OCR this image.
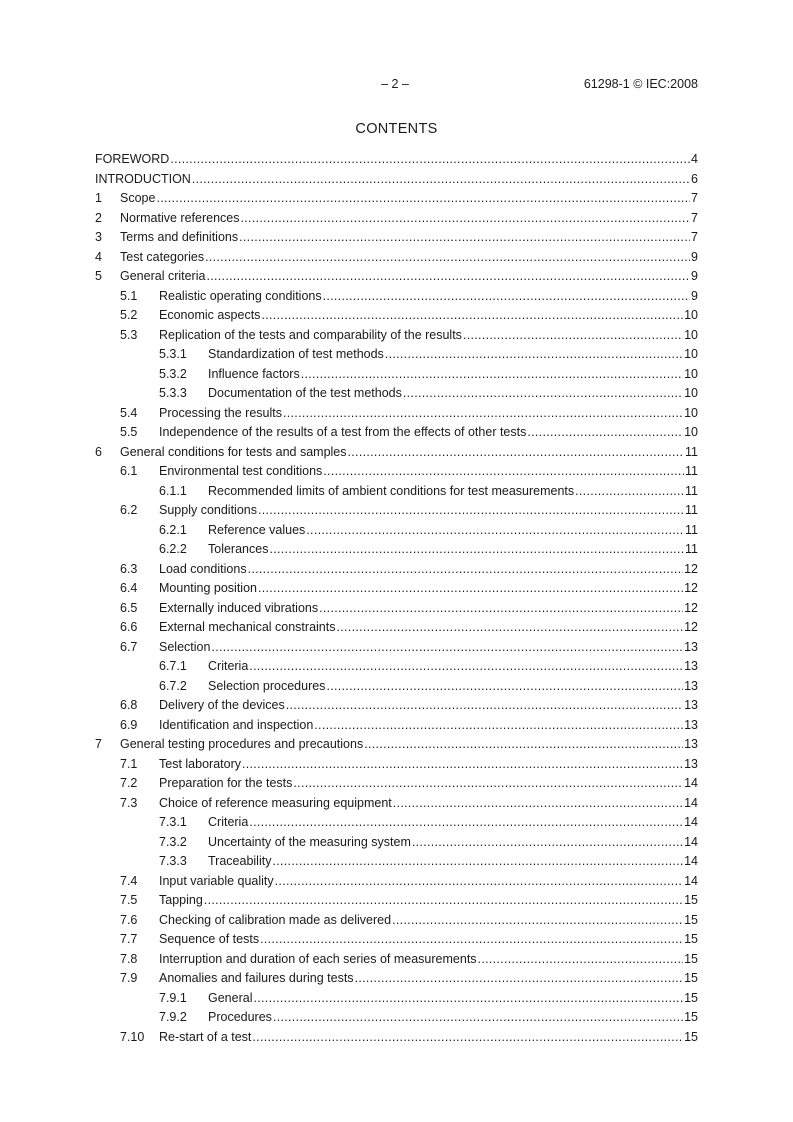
– 2 –	61298-1 © IEC:2008
CONTENTS
FOREWORD .....	4
INTRODUCTION .....	6
1 Scope .....	7
2 Normative references .....	7
3 Terms and definitions .....	7
4 Test categories .....	9
5 General criteria .....	9
5.1 Realistic operating conditions .....	9
5.2 Economic aspects .....	10
5.3 Replication of the tests and comparability of the results .....	10
5.3.1 Standardization of test methods .....	10
5.3.2 Influence factors .....	10
5.3.3 Documentation of the test methods .....	10
5.4 Processing the results .....	10
5.5 Independence of the results of a test from the effects of other tests .....	10
6 General conditions for tests and samples .....	11
6.1 Environmental test conditions .....	11
6.1.1 Recommended limits of ambient conditions for test measurements .....	11
6.2 Supply conditions .....	11
6.2.1 Reference values .....	11
6.2.2 Tolerances .....	11
6.3 Load conditions .....	12
6.4 Mounting position .....	12
6.5 Externally induced vibrations .....	12
6.6 External mechanical constraints .....	12
6.7 Selection .....	13
6.7.1 Criteria .....	13
6.7.2 Selection procedures .....	13
6.8 Delivery of the devices .....	13
6.9 Identification and inspection .....	13
7 General testing procedures and precautions .....	13
7.1 Test laboratory .....	13
7.2 Preparation for the tests .....	14
7.3 Choice of reference measuring equipment .....	14
7.3.1 Criteria .....	14
7.3.2 Uncertainty of the measuring system .....	14
7.3.3 Traceability .....	14
7.4 Input variable quality .....	14
7.5 Tapping .....	15
7.6 Checking of calibration made as delivered .....	15
7.7 Sequence of tests .....	15
7.8 Interruption and duration of each series of measurements .....	15
7.9 Anomalies and failures during tests .....	15
7.9.1 General .....	15
7.9.2 Procedures .....	15
7.10 Re-start of a test .....	15
